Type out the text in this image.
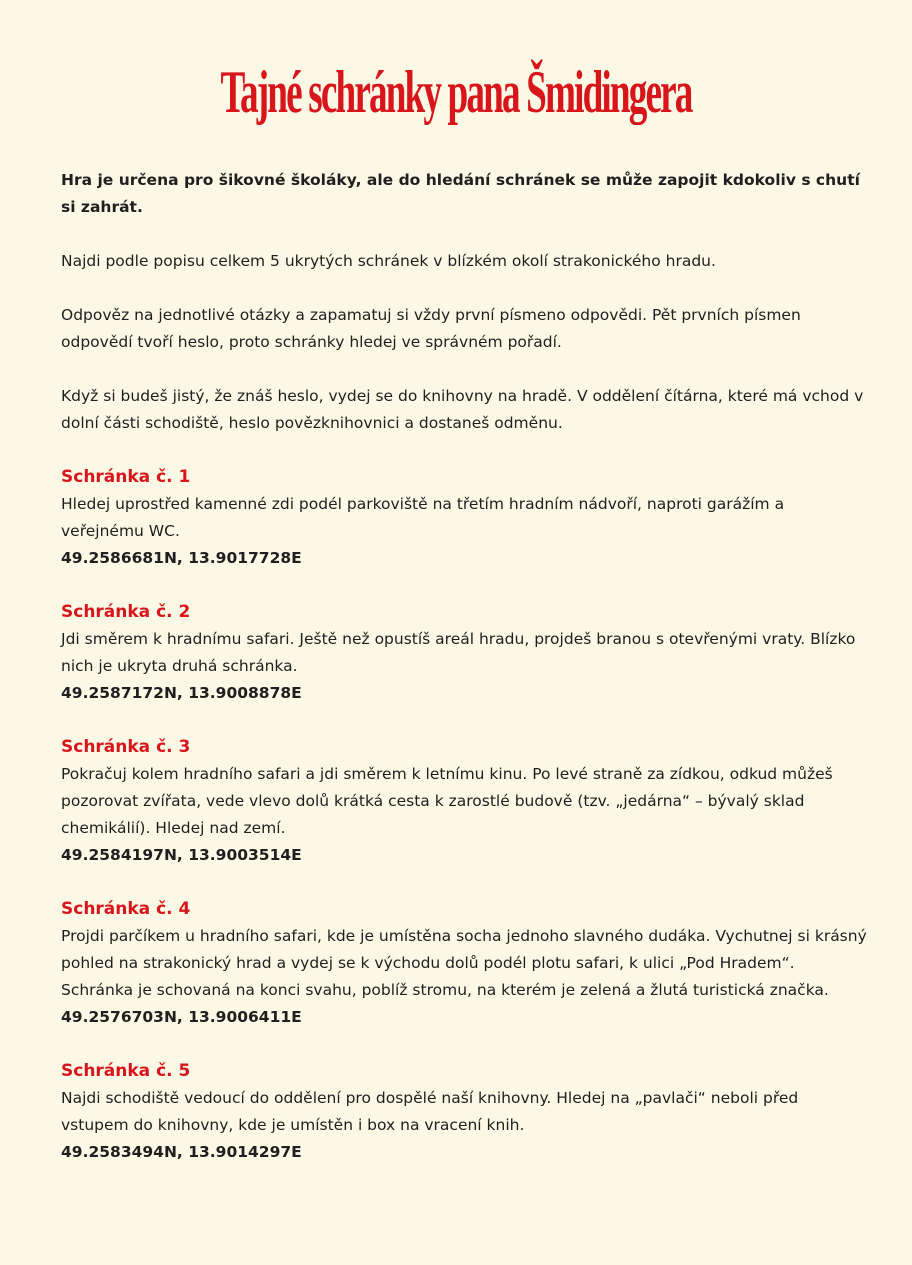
Tajné schránky pana Šmidingera

Hra je určena pro šikovné školáky, ale do hledání schránek se může zapojit kdokoliv s chutí si zahrát.

Najdi podle popisu celkem 5 ukrytých schránek v blízkém okolí strakonického hradu.

Odpověz na jednotlivé otázky a zapamatuj si vždy první písmeno odpovědi. Pět prvních písmen odpovědí tvoří heslo, proto schránky hledej ve správném pořadí.

Když si budeš jistý, že znáš heslo, vydej se do knihovny na hradě. V oddělení čítárna, které má vchod v dolní části schodiště, heslo povězknihovnici a dostaneš odměnu.

Schránka č. 1

Hledej uprostřed kamenné zdi podél parkoviště na třetím hradním nádvoří, naproti garážím a veřejnému WC.

49.2586681N, 13.9017728E

Schránka č. 2

Jdi směrem k hradnímu safari. Ještě než opustíš areál hradu, projdeš branou s otevřenými vraty. Blízko nich je ukryta druhá schránka.

49.2587172N, 13.9008878E

Schránka č. 3

Pokračuj kolem hradního safari a jdi směrem k letnímu kinu. Po levé straně za zídkou, odkud můžeš pozorovat zvířata, vede vlevo dolů krátká cesta k zarostlé budově (tzv. „jedárna“ – bývalý sklad chemikálií). Hledej nad zemí.

49.2584197N, 13.9003514E

Schránka č. 4

Projdi parčíkem u hradního safari, kde je umístěna socha jednoho slavného dudáka. Vychutnej si krásný pohled na strakonický hrad a vydej se k východu dolů podél plotu safari, k ulici „Pod Hradem“. Schránka je schovaná na konci svahu, poblíž stromu, na kterém je zelená a žlutá turistická značka.

49.2576703N, 13.9006411E

Schránka č. 5

Najdi schodiště vedoucí do oddělení pro dospělé naší knihovny. Hledej na „pavlači“ neboli před vstupem do knihovny, kde je umístěn i box na vracení knih.

49.2583494N, 13.9014297E
